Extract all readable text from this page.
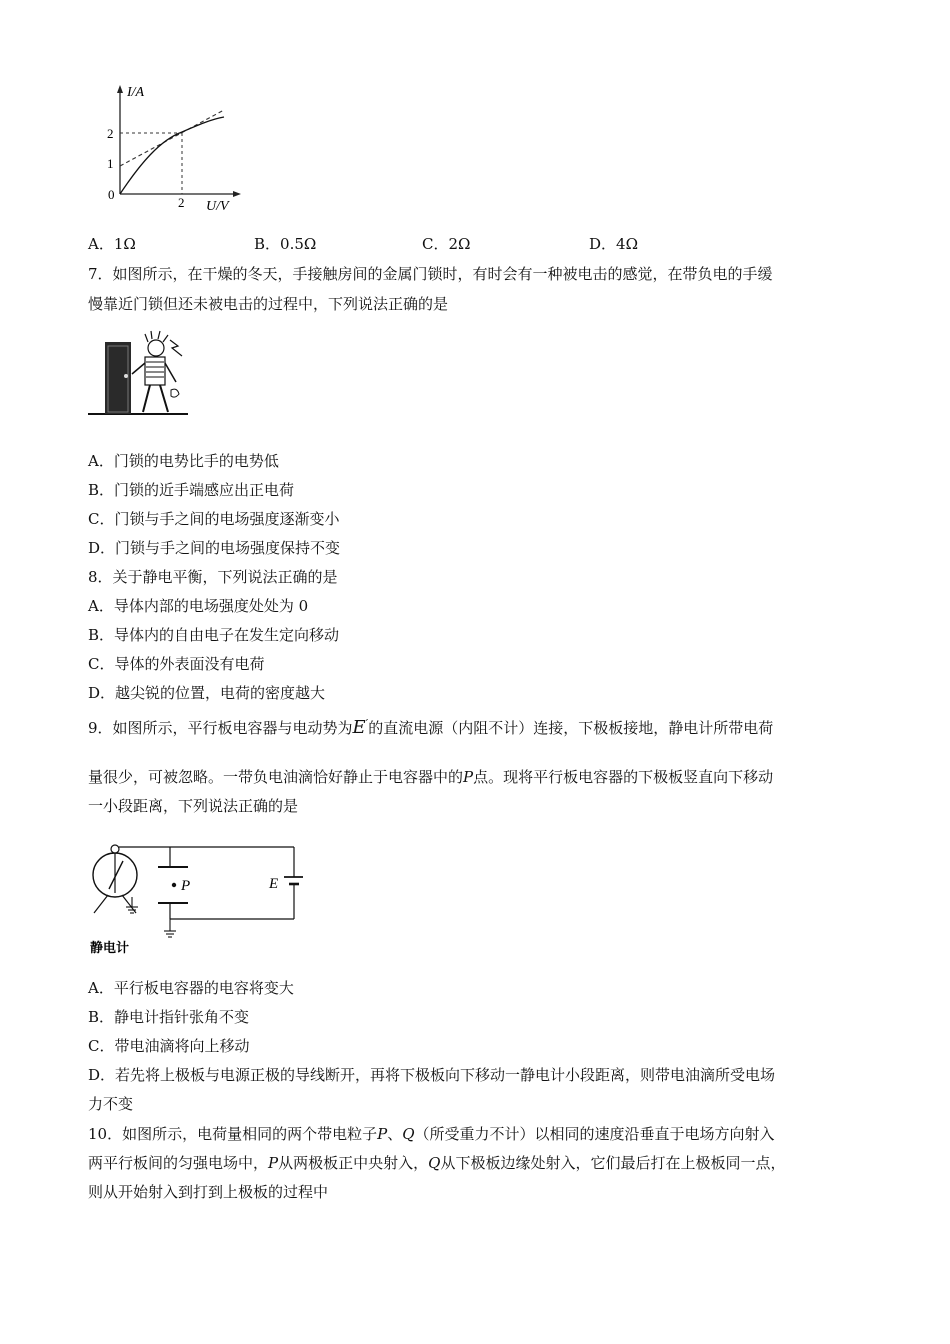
I/A
U/V
2
1
0
2
A．1Ω	B．0.5Ω	C．2Ω	D．4Ω
7．如图所示，在干燥的冬天，手接触房间的金属门锁时，有时会有一种被电击的感觉，在带负电的手缓
慢靠近门锁但还未被电击的过程中，下列说法正确的是
A．门锁的电势比手的电势低
B．门锁的近手端感应出正电荷
C．门锁与手之间的电场强度逐渐变小
D．门锁与手之间的电场强度保持不变
8．关于静电平衡，下列说法正确的是
A．导体内部的电场强度处处为 0
B．导体内的自由电子在发生定向移动
C．导体的外表面没有电荷
D．越尖锐的位置，电荷的密度越大
9．如图所示，平行板电容器与电动势为E′的直流电源（内阻不计）连接，下极板接地，静电计所带电荷
量很少，可被忽略。一带负电油滴恰好静止于电容器中的P点。现将平行板电容器的下极板竖直向下移动
一小段距离，下列说法正确的是
P	E
静电计
A．平行板电容器的电容将变大
B．静电计指针张角不变
C．带电油滴将向上移动
D．若先将上极板与电源正极的导线断开，再将下极板向下移动一静电计小段距离，则带电油滴所受电场
力不变
10．如图所示，电荷量相同的两个带电粒子P、Q（所受重力不计）以相同的速度沿垂直于电场方向射入
两平行板间的匀强电场中，P从两极板正中央射入，Q从下极板边缘处射入，它们最后打在上极板同一点，
则从开始射入到打到上极板的过程中
